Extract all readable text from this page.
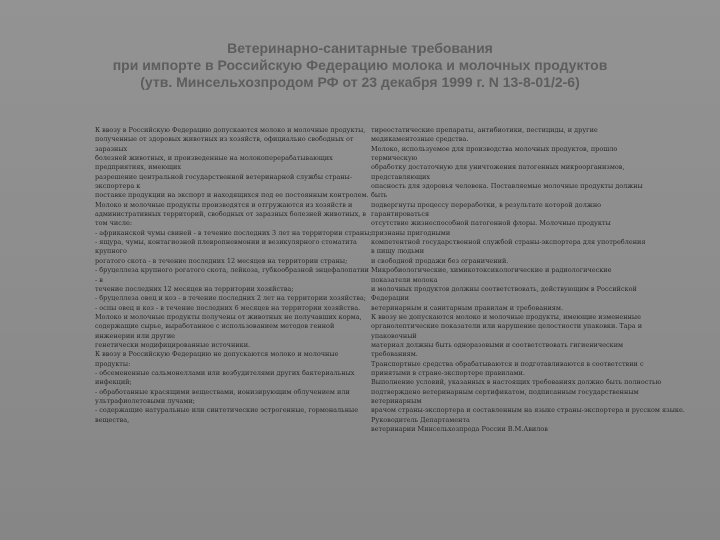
Ветеринарно-санитарные требования
при импорте в Российскую Федерацию молока и молочных продуктов
(утв. Минсельхозпродом РФ от 23 декабря 1999 г. N 13-8-01/2-6)
К ввозу в Российскую Федерацию допускаются молоко и молочные продукты,
полученные от здоровых животных из хозяйств, официально свободных от
заразных
болезней животных, и произведенные на молокоперерабатывающих
предприятиях, имеющих
разрешение центральной государственной ветеринарной службы страны-
экспортера к
поставке продукции на экспорт и находящихся под ее постоянным контролем.
Молоко и молочные продукты производятся и отгружаются из хозяйств и
административных территорий, свободных от заразных болезней животных, в
том числе:
- африканской чумы свиней - в течение последних 3 лет на территории страны;
- ящура, чумы, контагиозной плевропневмонии и везикулярного стоматита
крупного
рогатого скота - в течение последних 12 месяцев на территории страны;
- бруцеллеза крупного рогатого скота, лейкоза, губкообразной энцефалопатии
- в
течение последних 12 месяцев на территории хозяйства;
- бруцеллеза овец и коз - в течение последних 2 лет на территории хозяйства;
- оспы овец и коз - в течение последних 6 месяцев на территории хозяйства.
Молоко и молочные продукты получены от животных не получавших корма,
содержащие сырье, выработанное с использованием методов генной
инженерии или другие
генетически модифицированные источники.
К ввозу в Российскую Федерацию не допускаются молоко и молочные
продукты:
- обсемененные сальмонеллами или возбудителями других бактериальных
инфекций;
- обработанные красящими веществами, ионизирующим облучением или
ультрафиолетовыми лучами;
- содержащие натуральные или синтетические эстрогенные, гормональные
вещества,
тиреостатические препараты, антибиотики, пестициды, и другие
медикаментозные средства.
Молоко, используемое для производства молочных продуктов, прошло
термическую
обработку достаточную для уничтожения патогенных микроорганизмов,
представляющих
опасность для здоровья человека. Поставляемые молочные продукты должны
быть
подвергнуты процессу переработки, в результате которой должно
гарантироваться
отсутствие жизнеспособной патогенной флоры. Молочные продукты
признаны пригодными
компетентной государственной службой страны-экспортера для употребления
в пищу людьми
и свободной продажи без ограничений.
Микробиологические, химикотоксикологические и радиологические
показатели молока
и молочных продуктов должны соответствовать, действующим в Российской
Федерации
ветеринарным и санитарным правилам и требованиям.
К ввозу не допускаются молоко и молочные продукты, имеющие измененные
органолептические показатели или нарушение целостности упаковки. Тара и
упаковочный
материал должны быть одноразовыми и соответствовать гигиеническим
требованиям.
Транспортные средства обрабатываются и подготавливаются в соответствии с
принятыми в стране-экспортере правилами.
Выполнение условий, указанных в настоящих требованиях должно быть полностью
подтверждено ветеринарным сертификатом, подписанным государственным
ветеринарным
врачом страны-экспортера и составленным на языке страны-экспортера и русском языке.
Руководитель Департамента
ветеринарии Минсельхозпрода России В.М.Авилов
